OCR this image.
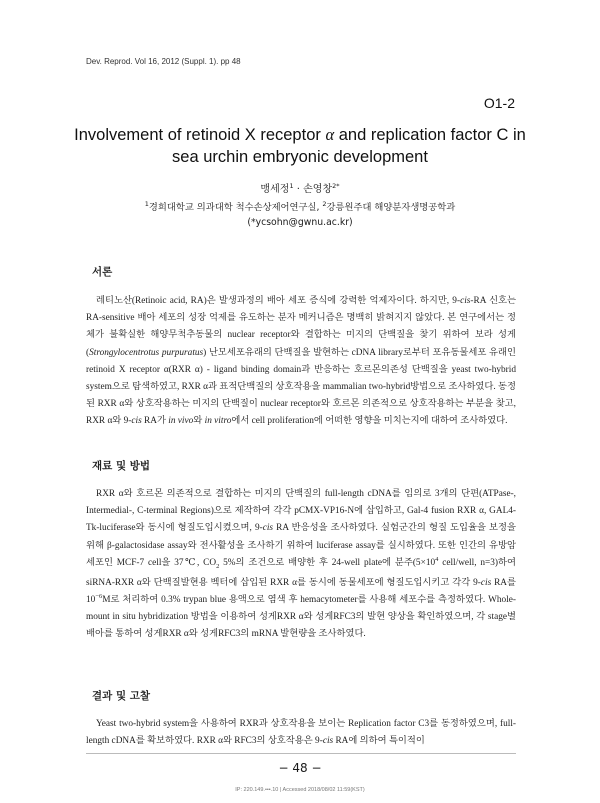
Dev. Reprod. Vol 16, 2012 (Suppl. 1). pp 48
O1-2
Involvement of retinoid X receptor α and replication factor C in sea urchin embryonic development
맹세정$^1$ · 손영창$^{2*}$
$^1$경희대학교 의과대학 척수손상제어연구실, $^2$강릉원주대 해양분자생명공학과
(*ycsohn@gwnu.ac.kr)
서론

레티노산(Retinoic acid, RA)은 발생과정의 배아 세포 증식에 강력한 억제자이다. 하지만, 9-cis-RA 신호는 RA-sensitive 배아 세포의 성장 억제를 유도하는 분자 메커니즘은 명백히 밝혀지지 않았다. 본 연구에서는 정체가 불확실한 해양무척추동물의 nuclear receptor와 결합하는 미지의 단백질을 찾기 위하여 보라 성게(Strongylocentrotus purpuratus) 난모세포유래의 단백질을 발현하는 cDNA library로부터 포유동물세포 유래인 retinoid X receptor α(RXR α) - ligand binding domain과 반응하는 호르몬의존성 단백질을 yeast two-hybrid system으로 탐색하였고, RXR α과 표적단백질의 상호작용을 mammalian two-hybrid방법으로 조사하였다. 동정된 RXR α와 상호작용하는 미지의 단백질이 nuclear receptor와 호르몬 의존적으로 상호작용하는 부분을 찾고, RXR α와 9-cis RA가 in vivo와 in vitro에서 cell proliferation에 어떠한 영향을 미치는지에 대하여 조사하였다.

재료 및 방법

RXR α와 호르몬 의존적으로 결합하는 미지의 단백질의 full-length cDNA를 임의로 3개의 단편(ATPase-, Intermedial-, C-terminal Regions)으로 제작하여 각각 pCMX-VP16-N에 삽입하고, Gal-4 fusion RXR α, GAL4-Tk-luciferase와 동시에 형질도입시켰으며, 9-cis RA 반응성을 조사하였다. 실험군간의 형질 도입율을 보정을 위해 β-galactosidase assay와 전사활성을 조사하기 위하여 luciferase assay를 실시하였다. 또한 인간의 유방암 세포인 MCF-7 cell을 37℃, $CO_2$ 5%의 조건으로 배양한 후 24-well plate에 분주($5\times 10^4$ cell/well, n=3)하여 siRNA-RXR α와 단백질발현용 벡터에 삽입된 RXR α를 동시에 동물세포에 형질도입시키고 각각 9-cis RA를 $10^{-6}M$로 처리하여 0.3% trypan blue 용액으로 염색 후 hemacytometer를 사용해 세포수를 측정하였다. Whole-mount in situ hybridization 방법을 이용하여 성게RXR α와 성게RFC3의 발현 양상을 확인하였으며, 각 stage별 배아를 통하여 성게RXR α와 성게RFC3의 mRNA 발현량을 조사하였다.

결과 및 고찰

Yeast two-hybrid system을 사용하여 RXR과 상호작용을 보이는 Replication factor C3를 동정하였으며, full-length cDNA를 확보하였다. RXR α와 RFC3의 상호작용은 9-cis RA에 의하여 특이적이

− 48 −
IP: 220.149.•••.10 | Accessed 2018/08/02 11:59(KST)
